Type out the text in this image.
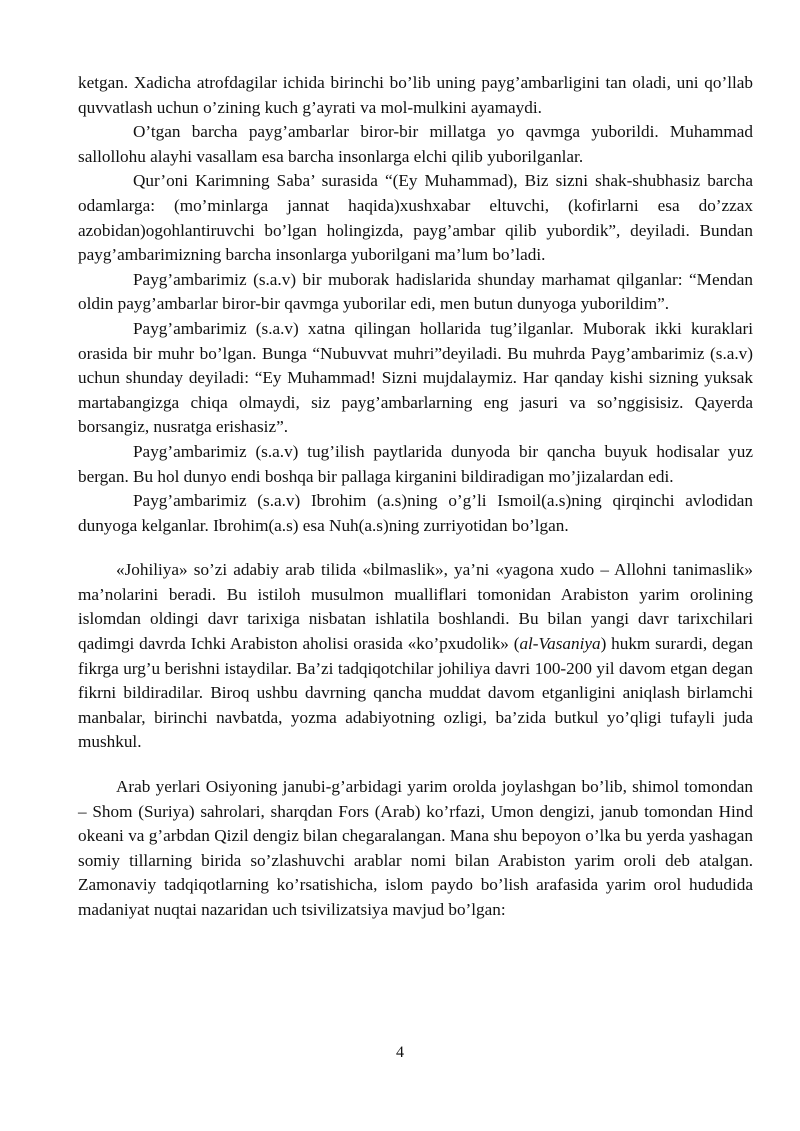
ketgan. Xadicha atrofdagilar ichida birinchi bo’lib uning payg’ambarligini tan oladi, uni qo’llab quvvatlash uchun o’zining kuch g’ayrati va mol-mulkini ayamaydi.

O’tgan barcha payg’ambarlar biror-bir millatga yo qavmga yuborildi. Muhammad sallollohu alayhi vasallam esa barcha insonlarga elchi qilib yuborilganlar.

Qur’oni Karimning Saba’ surasida “(Ey Muhammad), Biz sizni shak-shubhasiz barcha odamlarga: (mo’minlarga jannat haqida)xushxabar eltuvchi, (kofirlarni esa do’zzax azobidan)ogohlantiruvchi bo’lgan holingizda, payg’ambar qilib yubordik”, deyiladi. Bundan payg’ambarimizning barcha insonlarga yuborilgani ma’lum bo’ladi.

Payg’ambarimiz (s.a.v) bir muborak hadislarida shunday marhamat qilganlar: “Mendan oldin payg’ambarlar biror-bir qavmga yuborilar edi, men butun dunyoga yuborildim”.

Payg’ambarimiz (s.a.v) xatna qilingan hollarida tug’ilganlar. Muborak ikki kuraklari orasida bir muhr bo’lgan. Bunga “Nubuvvat muhri”deyiladi. Bu muhrda Payg’ambarimiz (s.a.v) uchun shunday deyiladi: “Ey Muhammad! Sizni mujdalaymiz. Har qanday kishi sizning yuksak martabangizga chiqa olmaydi, siz payg’ambarlarning eng jasuri va so’nggisisiz. Qayerda borsangiz, nusratga erishasiz”.

Payg’ambarimiz (s.a.v) tug’ilish paytlarida dunyoda bir qancha buyuk hodisalar yuz bergan. Bu hol dunyo endi boshqa bir pallaga kirganini bildiradigan mo’jizalardan edi.

Payg’ambarimiz (s.a.v) Ibrohim (a.s)ning o’g’li Ismoil(a.s)ning qirqinchi avlodidan dunyoga kelganlar. Ibrohim(a.s) esa Nuh(a.s)ning zurriyotidan bo’lgan.

«Johiliya» so’zi adabiy arab tilida «bilmaslik», ya’ni «yagona xudo – Allohni tanimaslik» ma’nolarini beradi. Bu istiloh musulmon mualliflari tomonidan Arabiston yarim orolining islomdan oldingi davr tarixiga nisbatan ishlatila boshlandi. Bu bilan yangi davr tarixchilari qadimgi davrda Ichki Arabiston aholisi orasida «ko’pxudolik» (al-Vasaniya) hukm surardi, degan fikrga urg’u berishni istaydilar. Ba’zi tadqiqotchilar johiliya davri 100-200 yil davom etgan degan fikrni bildiradilar. Biroq ushbu davrning qancha muddat davom etganligini aniqlash birlamchi manbalar, birinchi navbatda, yozma adabiyotning ozligi, ba’zida butkul yo’qligi tufayli juda mushkul.

Arab yerlari Osiyoning janubi-g’arbidagi yarim orolda joylashgan bo’lib, shimol tomondan – Shom (Suriya) sahrolari, sharqdan Fors (Arab) ko’rfazi, Umon dengizi, janub tomondan Hind okeani va g’arbdan Qizil dengiz bilan chegaralangan. Mana shu bepoyon o’lka bu yerda yashagan somiy tillarning birida so’zlashuvchi arablar nomi bilan Arabiston yarim oroli deb atalgan. Zamonaviy tadqiqotlarning ko’rsatishicha, islom paydo bo’lish arafasida yarim orol hududida madaniyat nuqtai nazaridan uch tsivilizatsiya mavjud bo’lgan:

4
